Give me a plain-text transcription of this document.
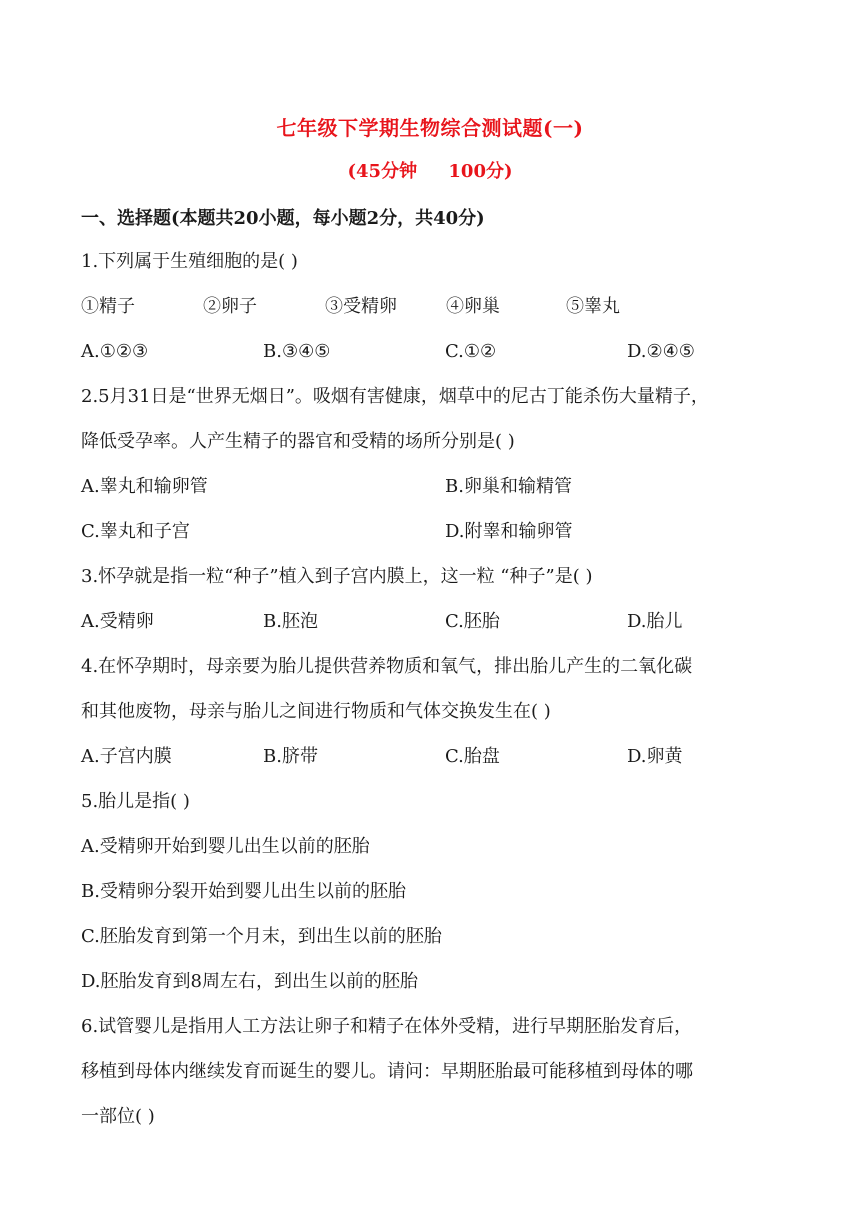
七年级下学期生物综合测试题(一)
(45分钟     100分)
一、选择题(本题共20小题，每小题2分，共40分)
1.下列属于生殖细胞的是( )
①精子	②卵子	③受精卵	④卵巢	⑤睾丸
A.①②③	B.③④⑤	C.①②	D.②④⑤
2.5月31日是“世界无烟日”。吸烟有害健康，烟草中的尼古丁能杀伤大量精子，
降低受孕率。人产生精子的器官和受精的场所分别是( )
A.睾丸和输卵管	B.卵巢和输精管
C.睾丸和子宫	D.附睾和输卵管
3.怀孕就是指一粒“种子”植入到子宫内膜上，这一粒 “种子”是( )
A.受精卵	B.胚泡	C.胚胎	D.胎儿
4.在怀孕期时，母亲要为胎儿提供营养物质和氧气，排出胎儿产生的二氧化碳
和其他废物，母亲与胎儿之间进行物质和气体交换发生在( )
A.子宫内膜	B.脐带	C.胎盘	D.卵黄
5.胎儿是指( )
A.受精卵开始到婴儿出生以前的胚胎
B.受精卵分裂开始到婴儿出生以前的胚胎
C.胚胎发育到第一个月末，到出生以前的胚胎
D.胚胎发育到8周左右，到出生以前的胚胎
6.试管婴儿是指用人工方法让卵子和精子在体外受精，进行早期胚胎发育后，
移植到母体内继续发育而诞生的婴儿。请问：早期胚胎最可能移植到母体的哪
一部位( )
